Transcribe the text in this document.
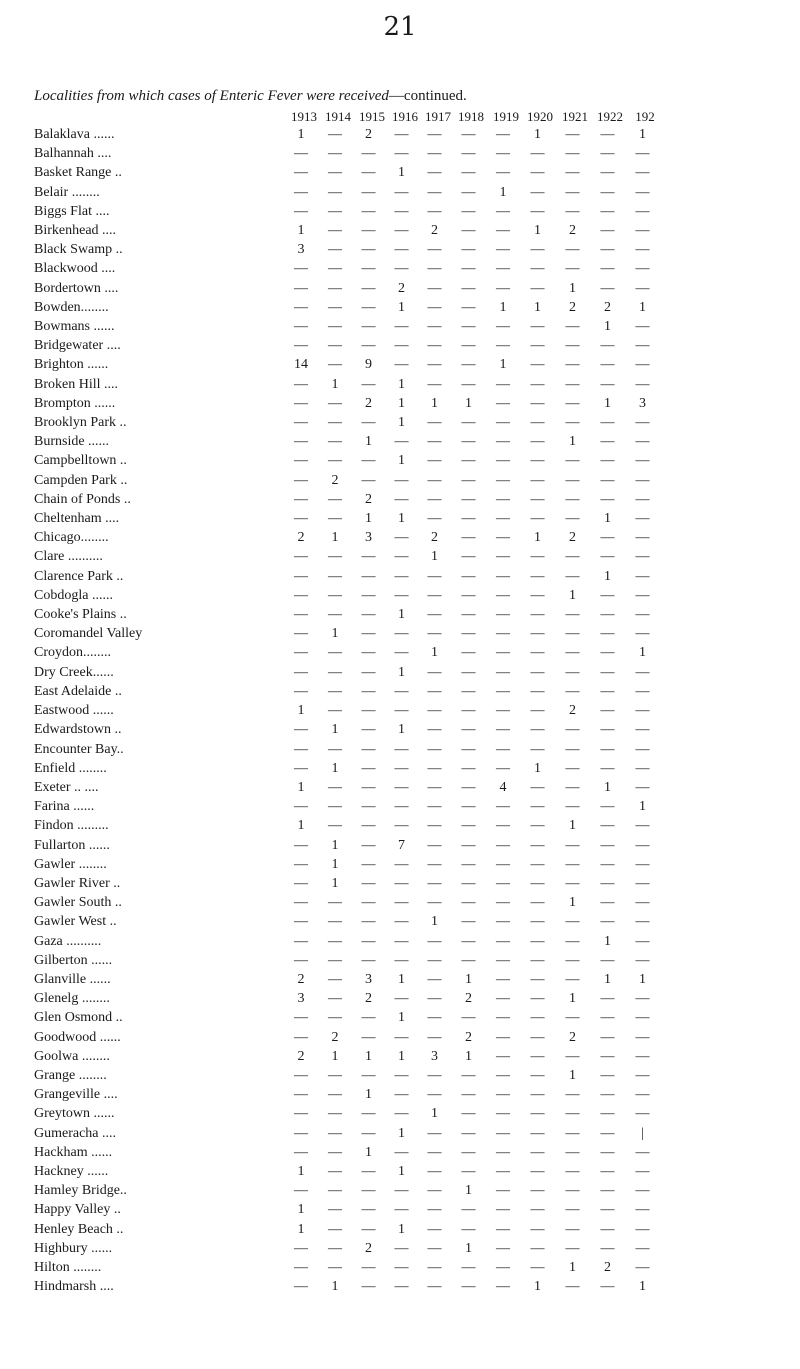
21
Localities from which cases of Enteric Fever were received—continued.
1913 1914 1915 1916 1917 1918 1919 1920 1921 1922 192
Balaklava ......	1	—	2	—	—	—	—	1	—	—	1
Balhannah ....	—	—	—	—	—	—	—	—	—	—	—
Basket Range ..	—	—	—	1	—	—	—	—	—	—	—
Belair ........	—	—	—	—	—	—	1	—	—	—	—
Biggs Flat ....	—	—	—	—	—	—	—	—	—	—	—
Birkenhead ....	1	—	—	—	2	—	—	1	2	—	—
Black Swamp ..	3	—	—	—	—	—	—	—	—	—	—
Blackwood ....	—	—	—	—	—	—	—	—	—	—	—
Bordertown ....	—	—	—	2	—	—	—	—	1	—	—
Bowden........	—	—	—	1	—	—	1	1	2	2	1
Bowmans ......	—	—	—	—	—	—	—	—	—	1	—
Bridgewater ....	—	—	—	—	—	—	—	—	—	—	—
Brighton ......	14	—	9	—	—	—	1	—	—	—	—
Broken Hill ....	—	1	—	1	—	—	—	—	—	—	—
Brompton ......	—	—	2	1	1	1	—	—	—	1	3
Brooklyn Park ..	—	—	—	1	—	—	—	—	—	—	—
Burnside ......	—	—	1	—	—	—	—	—	1	—	—
Campbelltown ..	—	—	—	1	—	—	—	—	—	—	—
Campden Park ..	—	2	—	—	—	—	—	—	—	—	—
Chain of Ponds ..	—	—	2	—	—	—	—	—	—	—	—
Cheltenham ....	—	—	1	1	—	—	—	—	—	1	—
Chicago........	2	1	3	—	2	—	—	1	2	—	—
Clare ..........	—	—	—	—	1	—	—	—	—	—	—
Clarence Park ..	—	—	—	—	—	—	—	—	—	1	—
Cobdogla ......	—	—	—	—	—	—	—	—	1	—	—
Cooke's Plains ..	—	—	—	1	—	—	—	—	—	—	—
Coromandel Valley	—	1	—	—	—	—	—	—	—	—	—
Croydon........	—	—	—	—	1	—	—	—	—	—	1
Dry Creek......	—	—	—	1	—	—	—	—	—	—	—
East Adelaide ..	—	—	—	—	—	—	—	—	—	—	—
Eastwood ......	1	—	—	—	—	—	—	—	2	—	—
Edwardstown ..	—	1	—	1	—	—	—	—	—	—	—
Encounter Bay..	—	—	—	—	—	—	—	—	—	—	—
Enfield ........	—	1	—	—	—	—	—	1	—	—	—
Exeter .. ....	1	—	—	—	—	—	4	—	—	1	—
Farina ......	—	—	—	—	—	—	—	—	—	—	1
Findon .........	1	—	—	—	—	—	—	—	1	—	—
Fullarton ......	—	1	—	7	—	—	—	—	—	—	—
Gawler ........	—	1	—	—	—	—	—	—	—	—	—
Gawler River ..	—	1	—	—	—	—	—	—	—	—	—
Gawler South ..	—	—	—	—	—	—	—	—	1	—	—
Gawler West ..	—	—	—	—	1	—	—	—	—	—	—
Gaza ..........	—	—	—	—	—	—	—	—	—	1	—
Gilberton ......	—	—	—	—	—	—	—	—	—	—	—
Glanville ......	2	—	3	1	—	1	—	—	—	1	1
Glenelg ........	3	—	2	—	—	2	—	—	1	—	—
Glen Osmond ..	—	—	—	1	—	—	—	—	—	—	—
Goodwood ......	—	2	—	—	—	2	—	—	2	—	—
Goolwa ........	2	1	1	1	3	1	—	—	—	—	—
Grange ........	—	—	—	—	—	—	—	—	1	—	—
Grangeville ....	—	—	1	—	—	—	—	—	—	—	—
Greytown ......	—	—	—	—	1	—	—	—	—	—	—
Gumeracha ....	—	—	—	1	—	—	—	—	—	—	|
Hackham ......	—	—	1	—	—	—	—	—	—	—	—
Hackney ......	1	—	—	1	—	—	—	—	—	—	—
Hamley Bridge..	—	—	—	—	—	1	—	—	—	—	—
Happy Valley ..	1	—	—	—	—	—	—	—	—	—	—
Henley Beach ..	1	—	—	1	—	—	—	—	—	—	—
Highbury ......	—	—	2	—	—	1	—	—	—	—	—
Hilton ........	—	—	—	—	—	—	—	—	1	2	—
Hindmarsh ....	—	1	—	—	—	—	—	1	—	—	1
